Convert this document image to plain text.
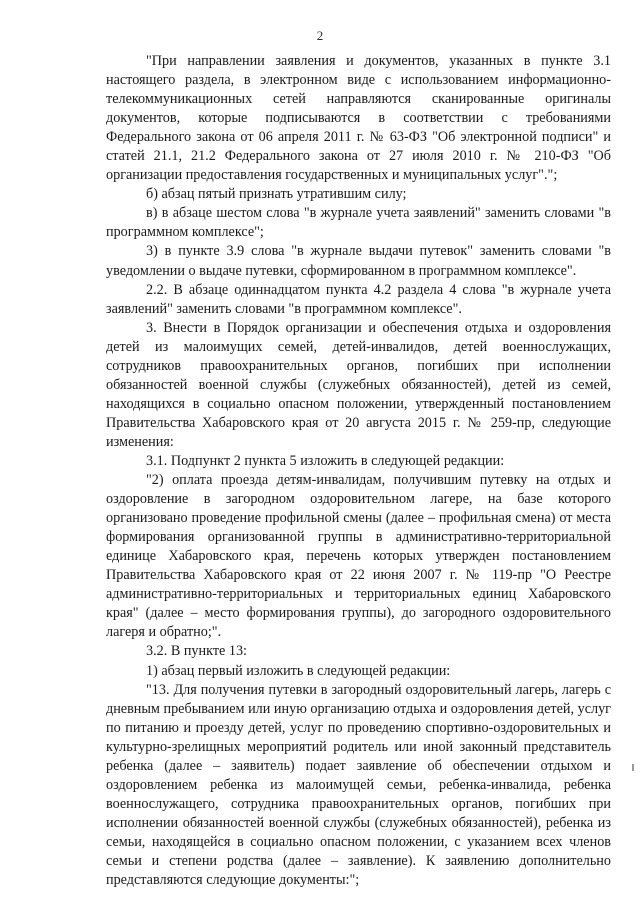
2

"При направлении заявления и документов, указанных в пункте 3.1 настоящего раздела, в электронном виде с использованием информационно-телекоммуникационных сетей направляются сканированные оригиналы документов, которые подписываются в соответствии с требованиями Федерального закона от 06 апреля 2011 г. № 63-ФЗ "Об электронной подписи" и статей 21.1, 21.2 Федерального закона от 27 июля 2010 г. № 210-ФЗ "Об организации предоставления государственных и муниципальных услуг".";

б) абзац пятый признать утратившим силу;

в) в абзаце шестом слова "в журнале учета заявлений" заменить словами "в программном комплексе";

3) в пункте 3.9 слова "в журнале выдачи путевок" заменить словами "в уведомлении о выдаче путевки, сформированном в программном комплексе".

2.2. В абзаце одиннадцатом пункта 4.2 раздела 4 слова "в журнале учета заявлений" заменить словами "в программном комплексе".

3. Внести в Порядок организации и обеспечения отдыха и оздоровления детей из малоимущих семей, детей-инвалидов, детей военнослужащих, сотрудников правоохранительных органов, погибших при исполнении обязанностей военной службы (служебных обязанностей), детей из семей, находящихся в социально опасном положении, утвержденный постановлением Правительства Хабаровского края от 20 августа 2015 г. № 259-пр, следующие изменения:

3.1. Подпункт 2 пункта 5 изложить в следующей редакции:

"2) оплата проезда детям-инвалидам, получившим путевку на отдых и оздоровление в загородном оздоровительном лагере, на базе которого организовано проведение профильной смены (далее – профильная смена) от места формирования организованной группы в административно-территориальной единице Хабаровского края, перечень которых утвержден постановлением Правительства Хабаровского края от 22 июня 2007 г. № 119-пр "О Реестре административно-территориальных и территориальных единиц Хабаровского края" (далее – место формирования группы), до загородного оздоровительного лагеря и обратно;".

3.2. В пункте 13:

1) абзац первый изложить в следующей редакции:

"13. Для получения путевки в загородный оздоровительный лагерь, лагерь с дневным пребыванием или иную организацию отдыха и оздоровления детей, услуг по питанию и проезду детей, услуг по проведению спортивно-оздоровительных и культурно-зрелищных мероприятий родитель или иной законный представитель ребенка (далее – заявитель) подает заявление об обеспечении отдыхом и оздоровлением ребенка из малоимущей семьи, ребенка-инвалида, ребенка военнослужащего, сотрудника правоохранительных органов, погибших при исполнении обязанностей военной службы (служебных обязанностей), ребенка из семьи, находящейся в социально опасном положении, с указанием всех членов семьи и степени родства (далее – заявление). К заявлению дополнительно представляются следующие документы:";
